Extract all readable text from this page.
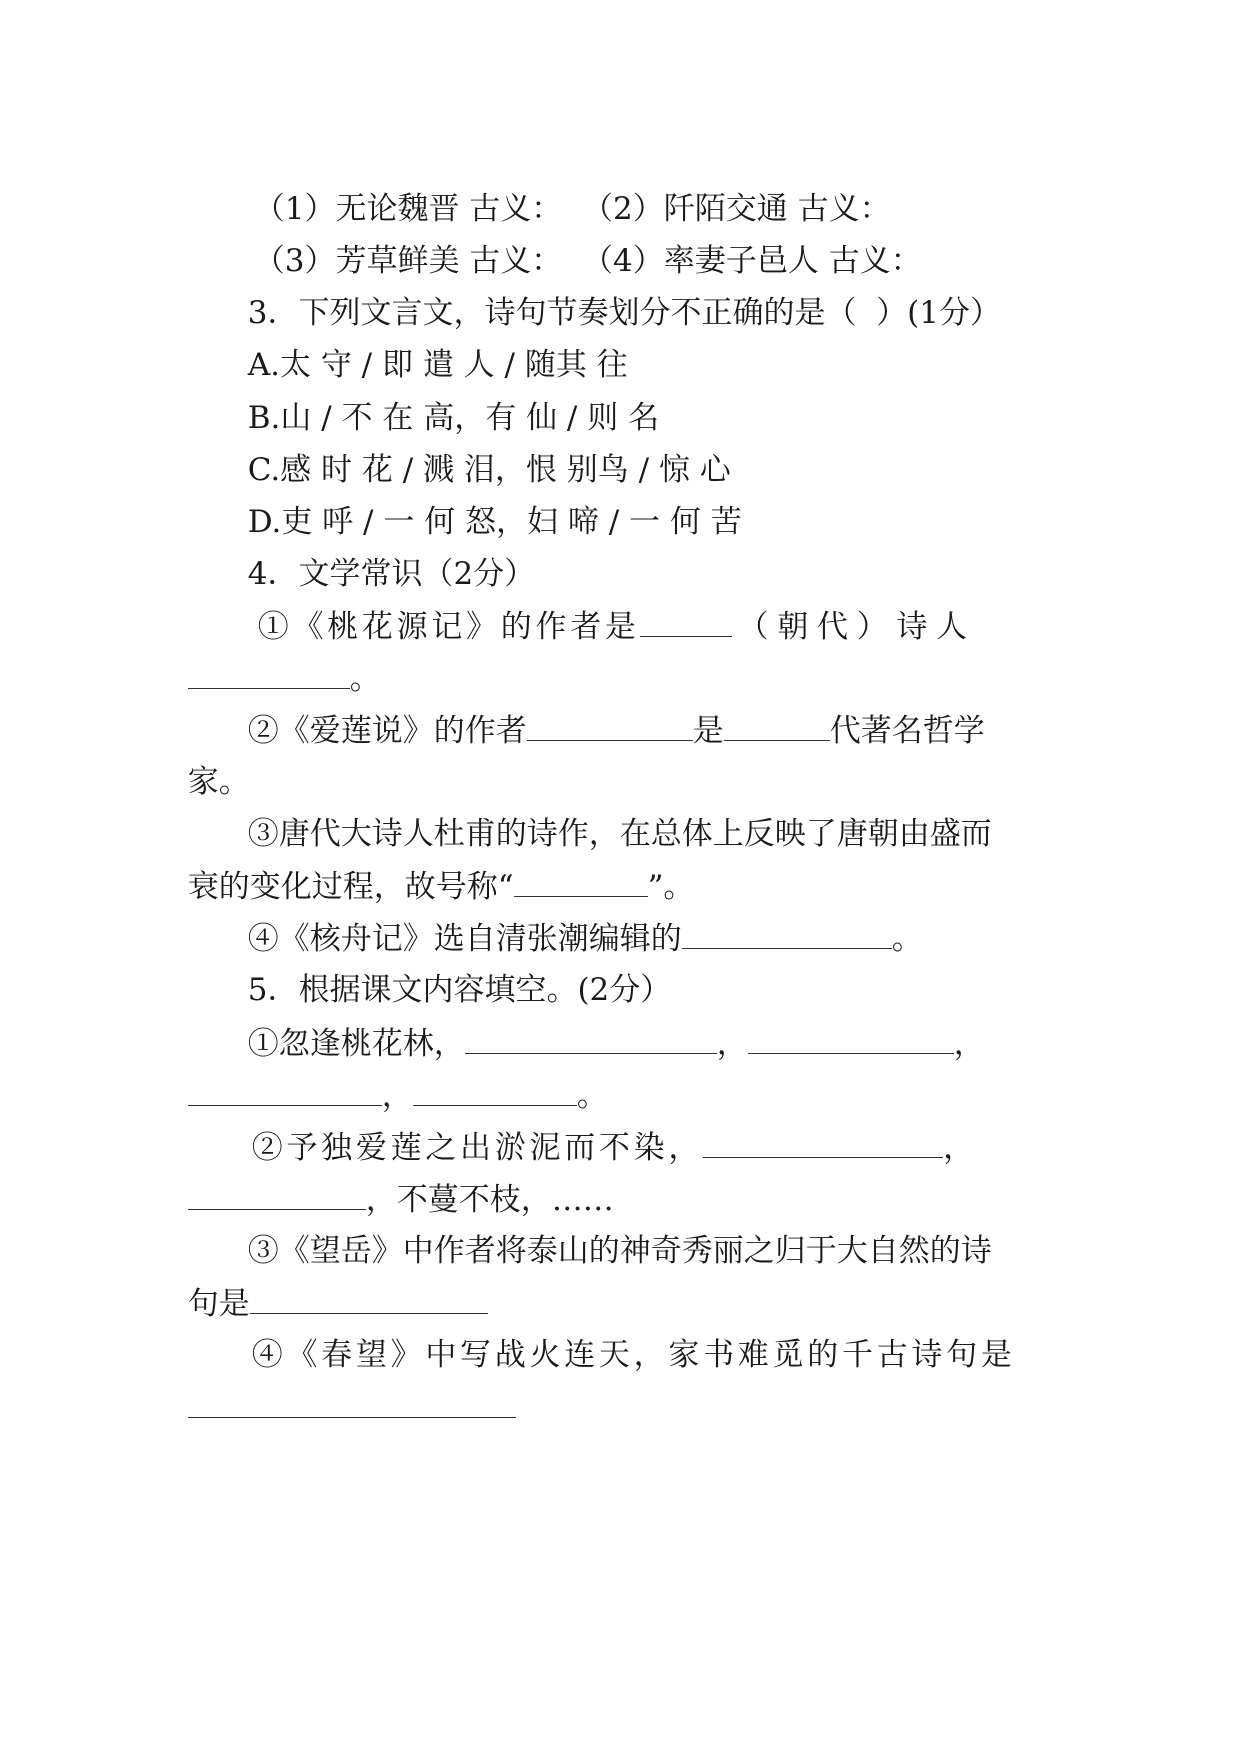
（1）无论魏晋 古义：  （2）阡陌交通 古义：

（3）芳草鲜美 古义：  （4）率妻子邑人 古义：

3．下列文言文，诗句节奏划分不正确的是（  ）(1分）

A.太 守 / 即 遣 人 / 随其 往

B.山 / 不 在 高，有 仙 / 则 名

C.感 时 花 / 溅 泪，恨 别鸟 / 惊 心

D.吏 呼 / 一 何 怒，妇 啼 / 一 何 苦

4．文学常识（2分）

①《桃花源记》的作者是	（朝代）诗人

。

②《爱莲说》的作者	是	代著名哲学

家。

③唐代大诗人杜甫的诗作，在总体上反映了唐朝由盛而

衰的变化过程，故号称“	”。

④《核舟记》选自清张潮编辑的	。

5．根据课文内容填空。(2分）

①忽逢桃花林，	，	，

，	。

②予独爱莲之出淤泥而不染，	，

，不蔓不枝，……

③《望岳》中作者将泰山的神奇秀丽之归于大自然的诗

句是

④《春望》中写战火连天，家书难觅的千古诗句是
